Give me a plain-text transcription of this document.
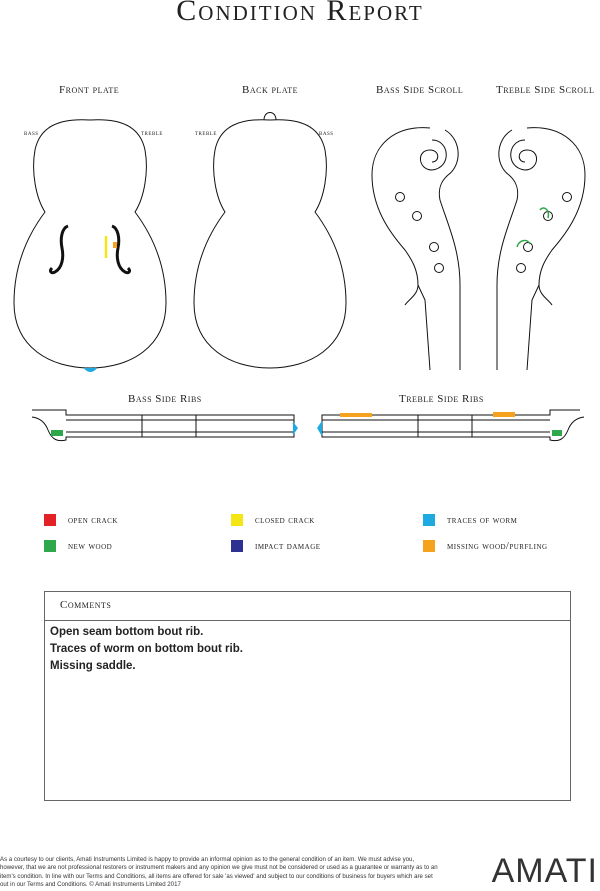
Condition Report
Front plate	Back plate	Bass Side Scroll	Treble Side Scroll
Bass Side Ribs	Treble Side Ribs
bass	treble	treble	bass
open crack	closed crack	traces of worm
new wood	impact damage	missing wood/purfling
Comments
Open seam bottom bout rib.
Traces of worm on bottom bout rib.
Missing saddle.
As a courtesy to our clients, Amati Instruments Limited is happy to provide an informal opinion as to the general condition of an item. We must advise you, however, that we are not professional restorers or instrument makers and any opinion we give must not be considered or used as a guarantee or warranty as to an item's condition. In line with our Terms and Conditions, all items are offered for sale 'as viewed' and subject to our conditions of business for buyers which are set out in our Terms and Conditions. © Amati Instruments Limited 2017	AMATI
